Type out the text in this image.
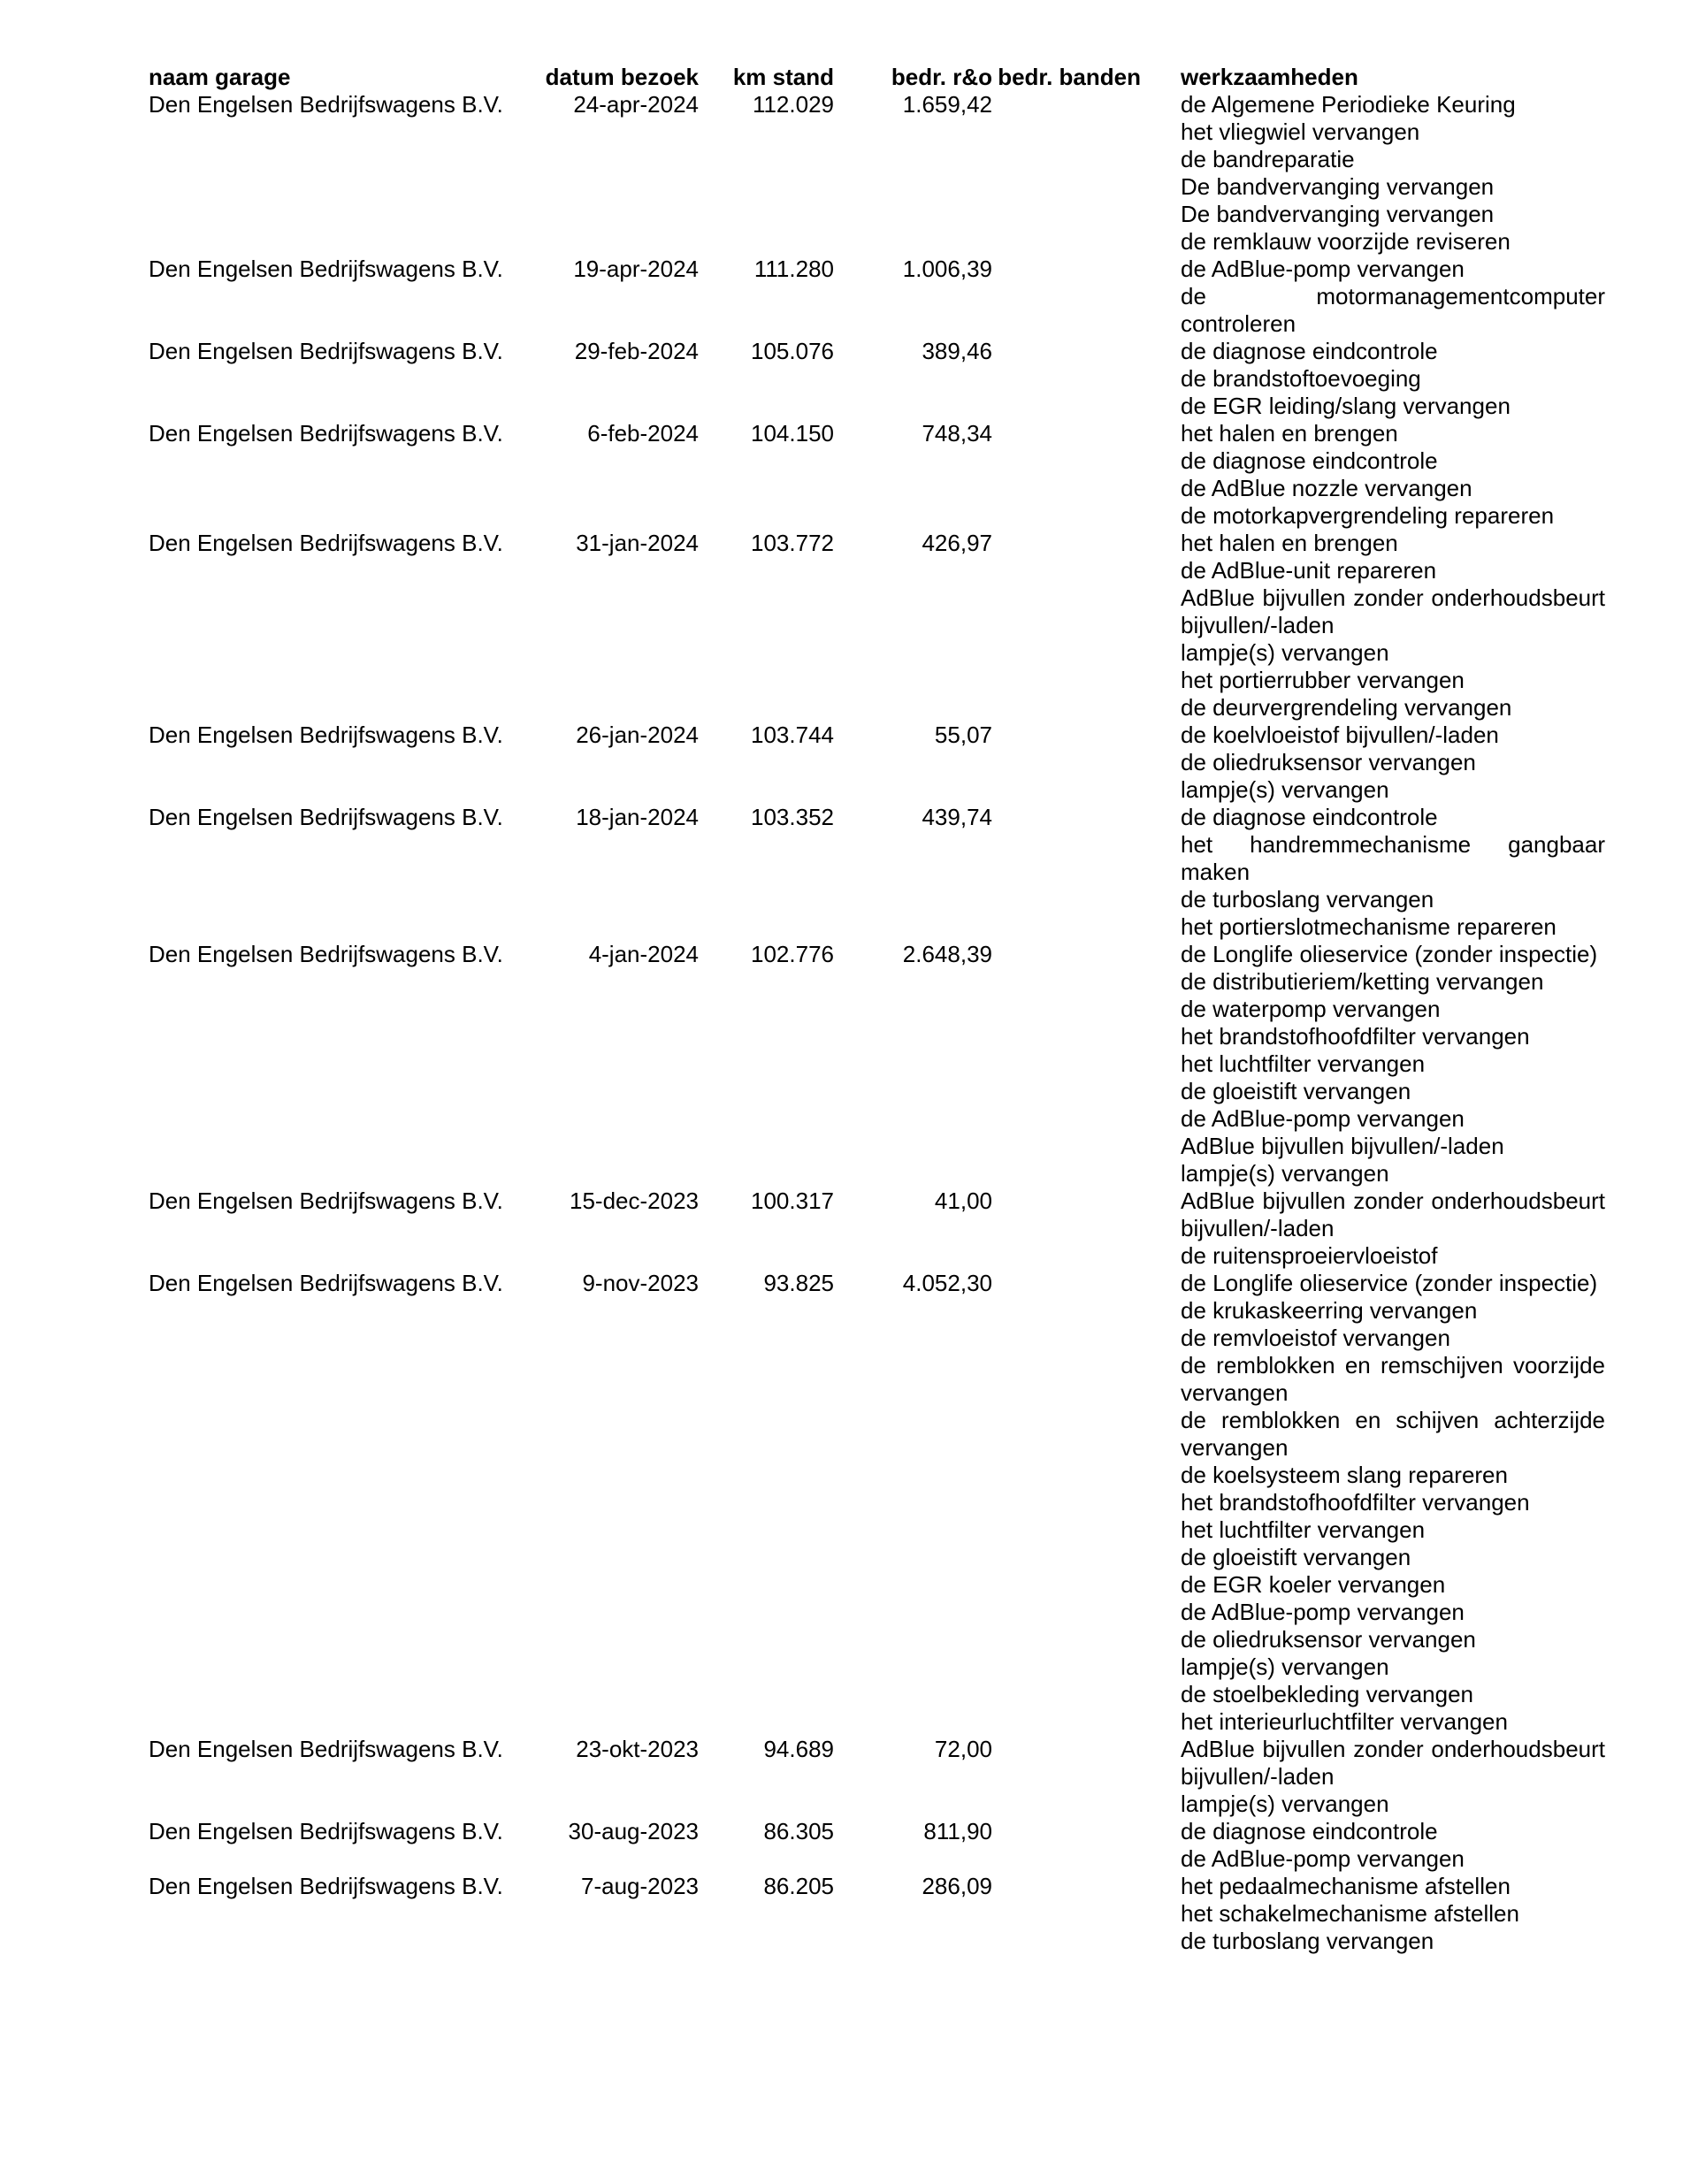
naam garage	datum bezoek	km stand	bedr. r&o bedr. banden	werkzaamheden
Den Engelsen Bedrijfswagens B.V.	24-apr-2024	112.029	1.659,42	de Algemene Periodieke Keuring
het vliegwiel vervangen
de bandreparatie
De bandvervanging vervangen
De bandvervanging vervangen
de remklauw voorzijde reviseren
Den Engelsen Bedrijfswagens B.V.	19-apr-2024	111.280	1.006,39	de AdBlue-pomp vervangen
de motormanagementcomputer controleren
Den Engelsen Bedrijfswagens B.V.	29-feb-2024	105.076	389,46	de diagnose eindcontrole
de brandstoftoevoeging
de EGR leiding/slang vervangen
Den Engelsen Bedrijfswagens B.V.	6-feb-2024	104.150	748,34	het halen en brengen
de diagnose eindcontrole
de AdBlue nozzle vervangen
de motorkapvergrendeling repareren
Den Engelsen Bedrijfswagens B.V.	31-jan-2024	103.772	426,97	het halen en brengen
de AdBlue-unit repareren
AdBlue bijvullen zonder onderhoudsbeurt bijvullen/-laden
lampje(s) vervangen
het portierrubber vervangen
de deurvergrendeling vervangen
Den Engelsen Bedrijfswagens B.V.	26-jan-2024	103.744	55,07	de koelvloeistof bijvullen/-laden
de oliedruksensor vervangen
lampje(s) vervangen
Den Engelsen Bedrijfswagens B.V.	18-jan-2024	103.352	439,74	de diagnose eindcontrole
het handremmechanisme gangbaar maken
de turboslang vervangen
het portierslotmechanisme repareren
Den Engelsen Bedrijfswagens B.V.	4-jan-2024	102.776	2.648,39	de Longlife olieservice (zonder inspectie)
de distributieriem/ketting vervangen
de waterpomp vervangen
het brandstofhoofdfilter vervangen
het luchtfilter vervangen
de gloeistift vervangen
de AdBlue-pomp vervangen
AdBlue bijvullen bijvullen/-laden
lampje(s) vervangen
Den Engelsen Bedrijfswagens B.V.	15-dec-2023	100.317	41,00	AdBlue bijvullen zonder onderhoudsbeurt bijvullen/-laden
de ruitensproeiervloeistof
Den Engelsen Bedrijfswagens B.V.	9-nov-2023	93.825	4.052,30	de Longlife olieservice (zonder inspectie)
de krukaskeerring vervangen
de remvloeistof vervangen
de remblokken en remschijven voorzijde vervangen
de remblokken en schijven achterzijde vervangen
de koelsysteem slang repareren
het brandstofhoofdfilter vervangen
het luchtfilter vervangen
de gloeistift vervangen
de EGR koeler vervangen
de AdBlue-pomp vervangen
de oliedruksensor vervangen
lampje(s) vervangen
de stoelbekleding vervangen
het interieurluchtfilter vervangen
Den Engelsen Bedrijfswagens B.V.	23-okt-2023	94.689	72,00	AdBlue bijvullen zonder onderhoudsbeurt bijvullen/-laden
lampje(s) vervangen
Den Engelsen Bedrijfswagens B.V.	30-aug-2023	86.305	811,90	de diagnose eindcontrole
de AdBlue-pomp vervangen
Den Engelsen Bedrijfswagens B.V.	7-aug-2023	86.205	286,09	het pedaalmechanisme afstellen
het schakelmechanisme afstellen
de turboslang vervangen
